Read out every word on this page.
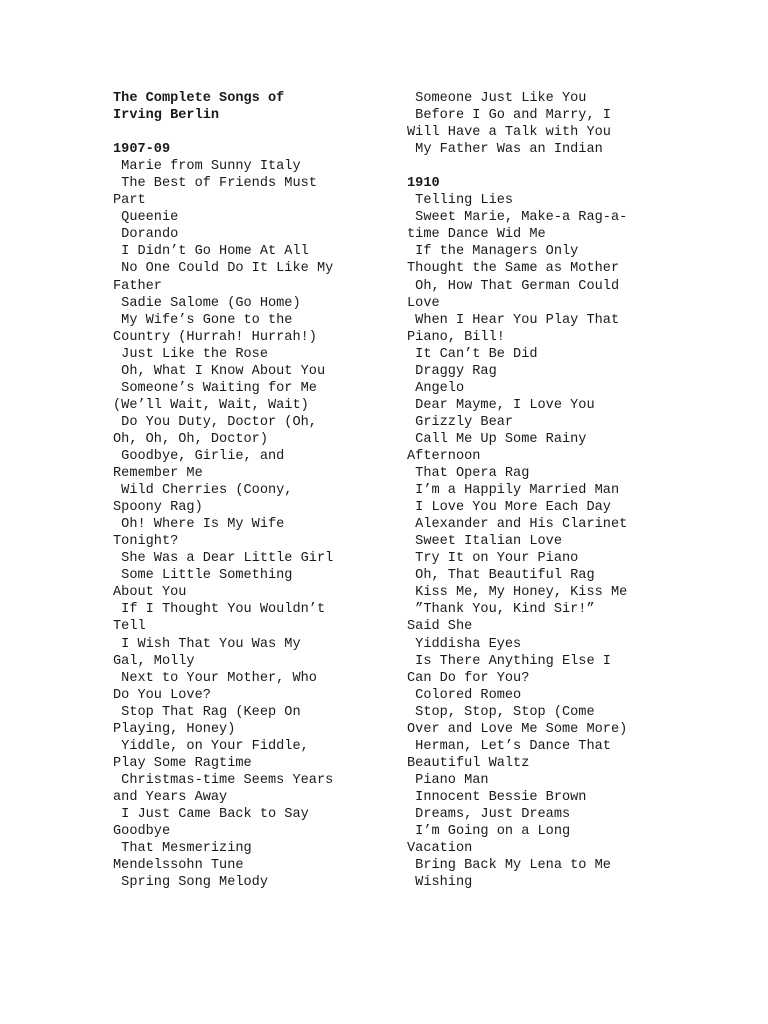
The Complete Songs of
Irving Berlin
1907-09
Marie from Sunny Italy
The Best of Friends Must
Part
Queenie
Dorando
I Didn’t Go Home At All
No One Could Do It Like My
Father
Sadie Salome (Go Home)
My Wife’s Gone to the
Country (Hurrah! Hurrah!)
Just Like the Rose
Oh, What I Know About You
Someone’s Waiting for Me
(We’ll Wait, Wait, Wait)
Do You Duty, Doctor (Oh,
Oh, Oh, Oh, Doctor)
Goodbye, Girlie, and
Remember Me
Wild Cherries (Coony,
Spoony Rag)
Oh! Where Is My Wife
Tonight?
She Was a Dear Little Girl
Some Little Something
About You
If I Thought You Wouldn’t
Tell
I Wish That You Was My
Gal, Molly
Next to Your Mother, Who
Do You Love?
Stop That Rag (Keep On
Playing, Honey)
Yiddle, on Your Fiddle,
Play Some Ragtime
Christmas-time Seems Years
and Years Away
I Just Came Back to Say
Goodbye
That Mesmerizing
Mendelssohn Tune
Spring Song Melody
Someone Just Like You
Before I Go and Marry, I
Will Have a Talk with You
My Father Was an Indian
1910
Telling Lies
Sweet Marie, Make-a Rag-a-
time Dance Wid Me
If the Managers Only
Thought the Same as Mother
Oh, How That German Could
Love
When I Hear You Play That
Piano, Bill!
It Can’t Be Did
Draggy Rag
Angelo
Dear Mayme, I Love You
Grizzly Bear
Call Me Up Some Rainy
Afternoon
That Opera Rag
I’m a Happily Married Man
I Love You More Each Day
Alexander and His Clarinet
Sweet Italian Love
Try It on Your Piano
Oh, That Beautiful Rag
Kiss Me, My Honey, Kiss Me
”Thank You, Kind Sir!”
Said She
Yiddisha Eyes
Is There Anything Else I
Can Do for You?
Colored Romeo
Stop, Stop, Stop (Come
Over and Love Me Some More)
Herman, Let’s Dance That
Beautiful Waltz
Piano Man
Innocent Bessie Brown
Dreams, Just Dreams
I’m Going on a Long
Vacation
Bring Back My Lena to Me
Wishing
